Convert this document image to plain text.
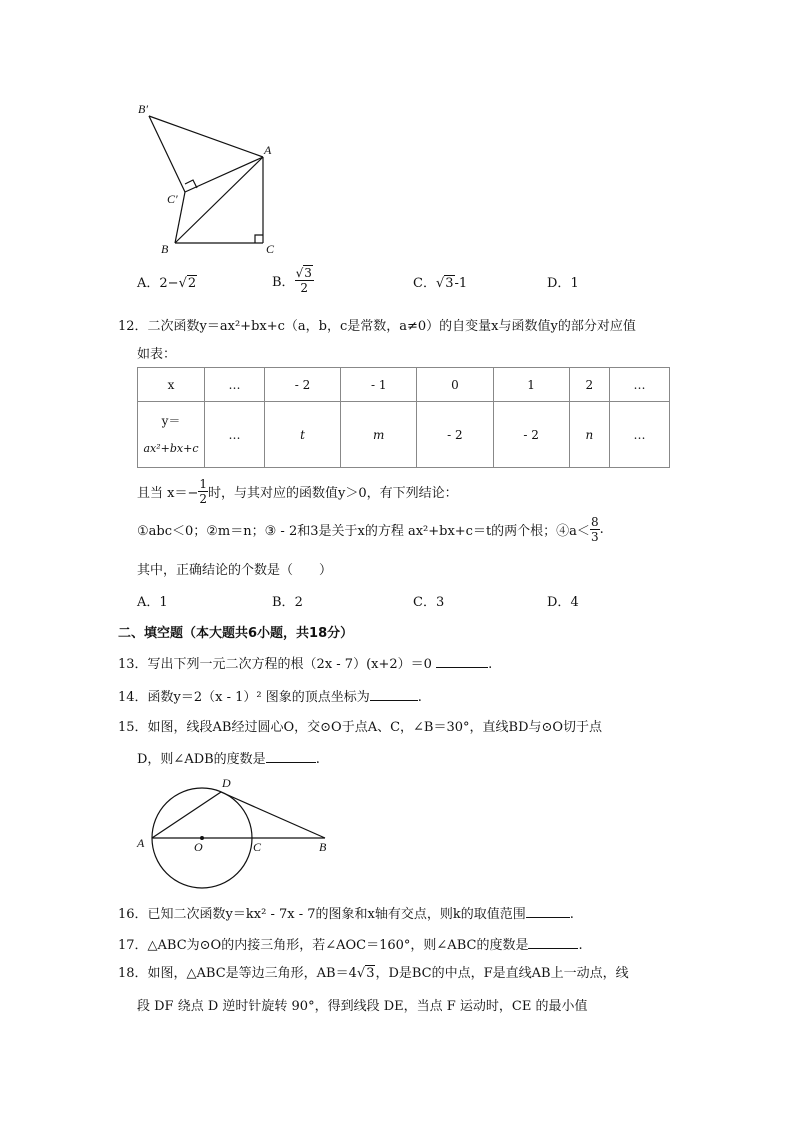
B′
A
C′
B	C
A．2−√2	B． $\frac{√3}{2}$	C．√3-1	D．1
12．二次函数y＝ax²+bx+c（a，b，c是常数，a≠0）的自变量x与函数值y的部分对应值
如表：
x	…	- 2	- 1	0	1	2	…

y＝
ax²+bx+c	…	t	m	- 2	- 2	n	…
且当 $x=- \frac{1}{2}$ 时，与其对应的函数值y＞0，有下列结论：
①abc＜0；②m＝n；③ - 2和3是关于x的方程 ax²+bx+c＝t的两个根；④a＜ $\frac{8}{3}$ .
其中，正确结论的个数是（　　）
A．1	B．2	C．3	D．4
二、填空题（本大题共6小题，共18分）
13．写出下列一元二次方程的根（2x - 7）(x+2）＝0	.
14．函数y＝2（x - 1）² 图象的顶点坐标为	.
15．如图，线段AB经过圆心O，交⊙O于点A、C，∠B＝30°，直线BD与⊙O切于点
D，则∠ADB的度数是	.
D
A	O	C	B
16．已知二次函数y＝kx² - 7x - 7的图象和x轴有交点，则k的取值范围	.
17．△ABC为⊙O的内接三角形，若∠AOC＝160°，则∠ABC的度数是	.
18．如图，△ABC是等边三角形，AB＝4√3，D是BC的中点，F是直线AB上一动点，线
段 DF 绕点 D 逆时针旋转 90°，得到线段 DE，当点 F 运动时，CE 的最小值
